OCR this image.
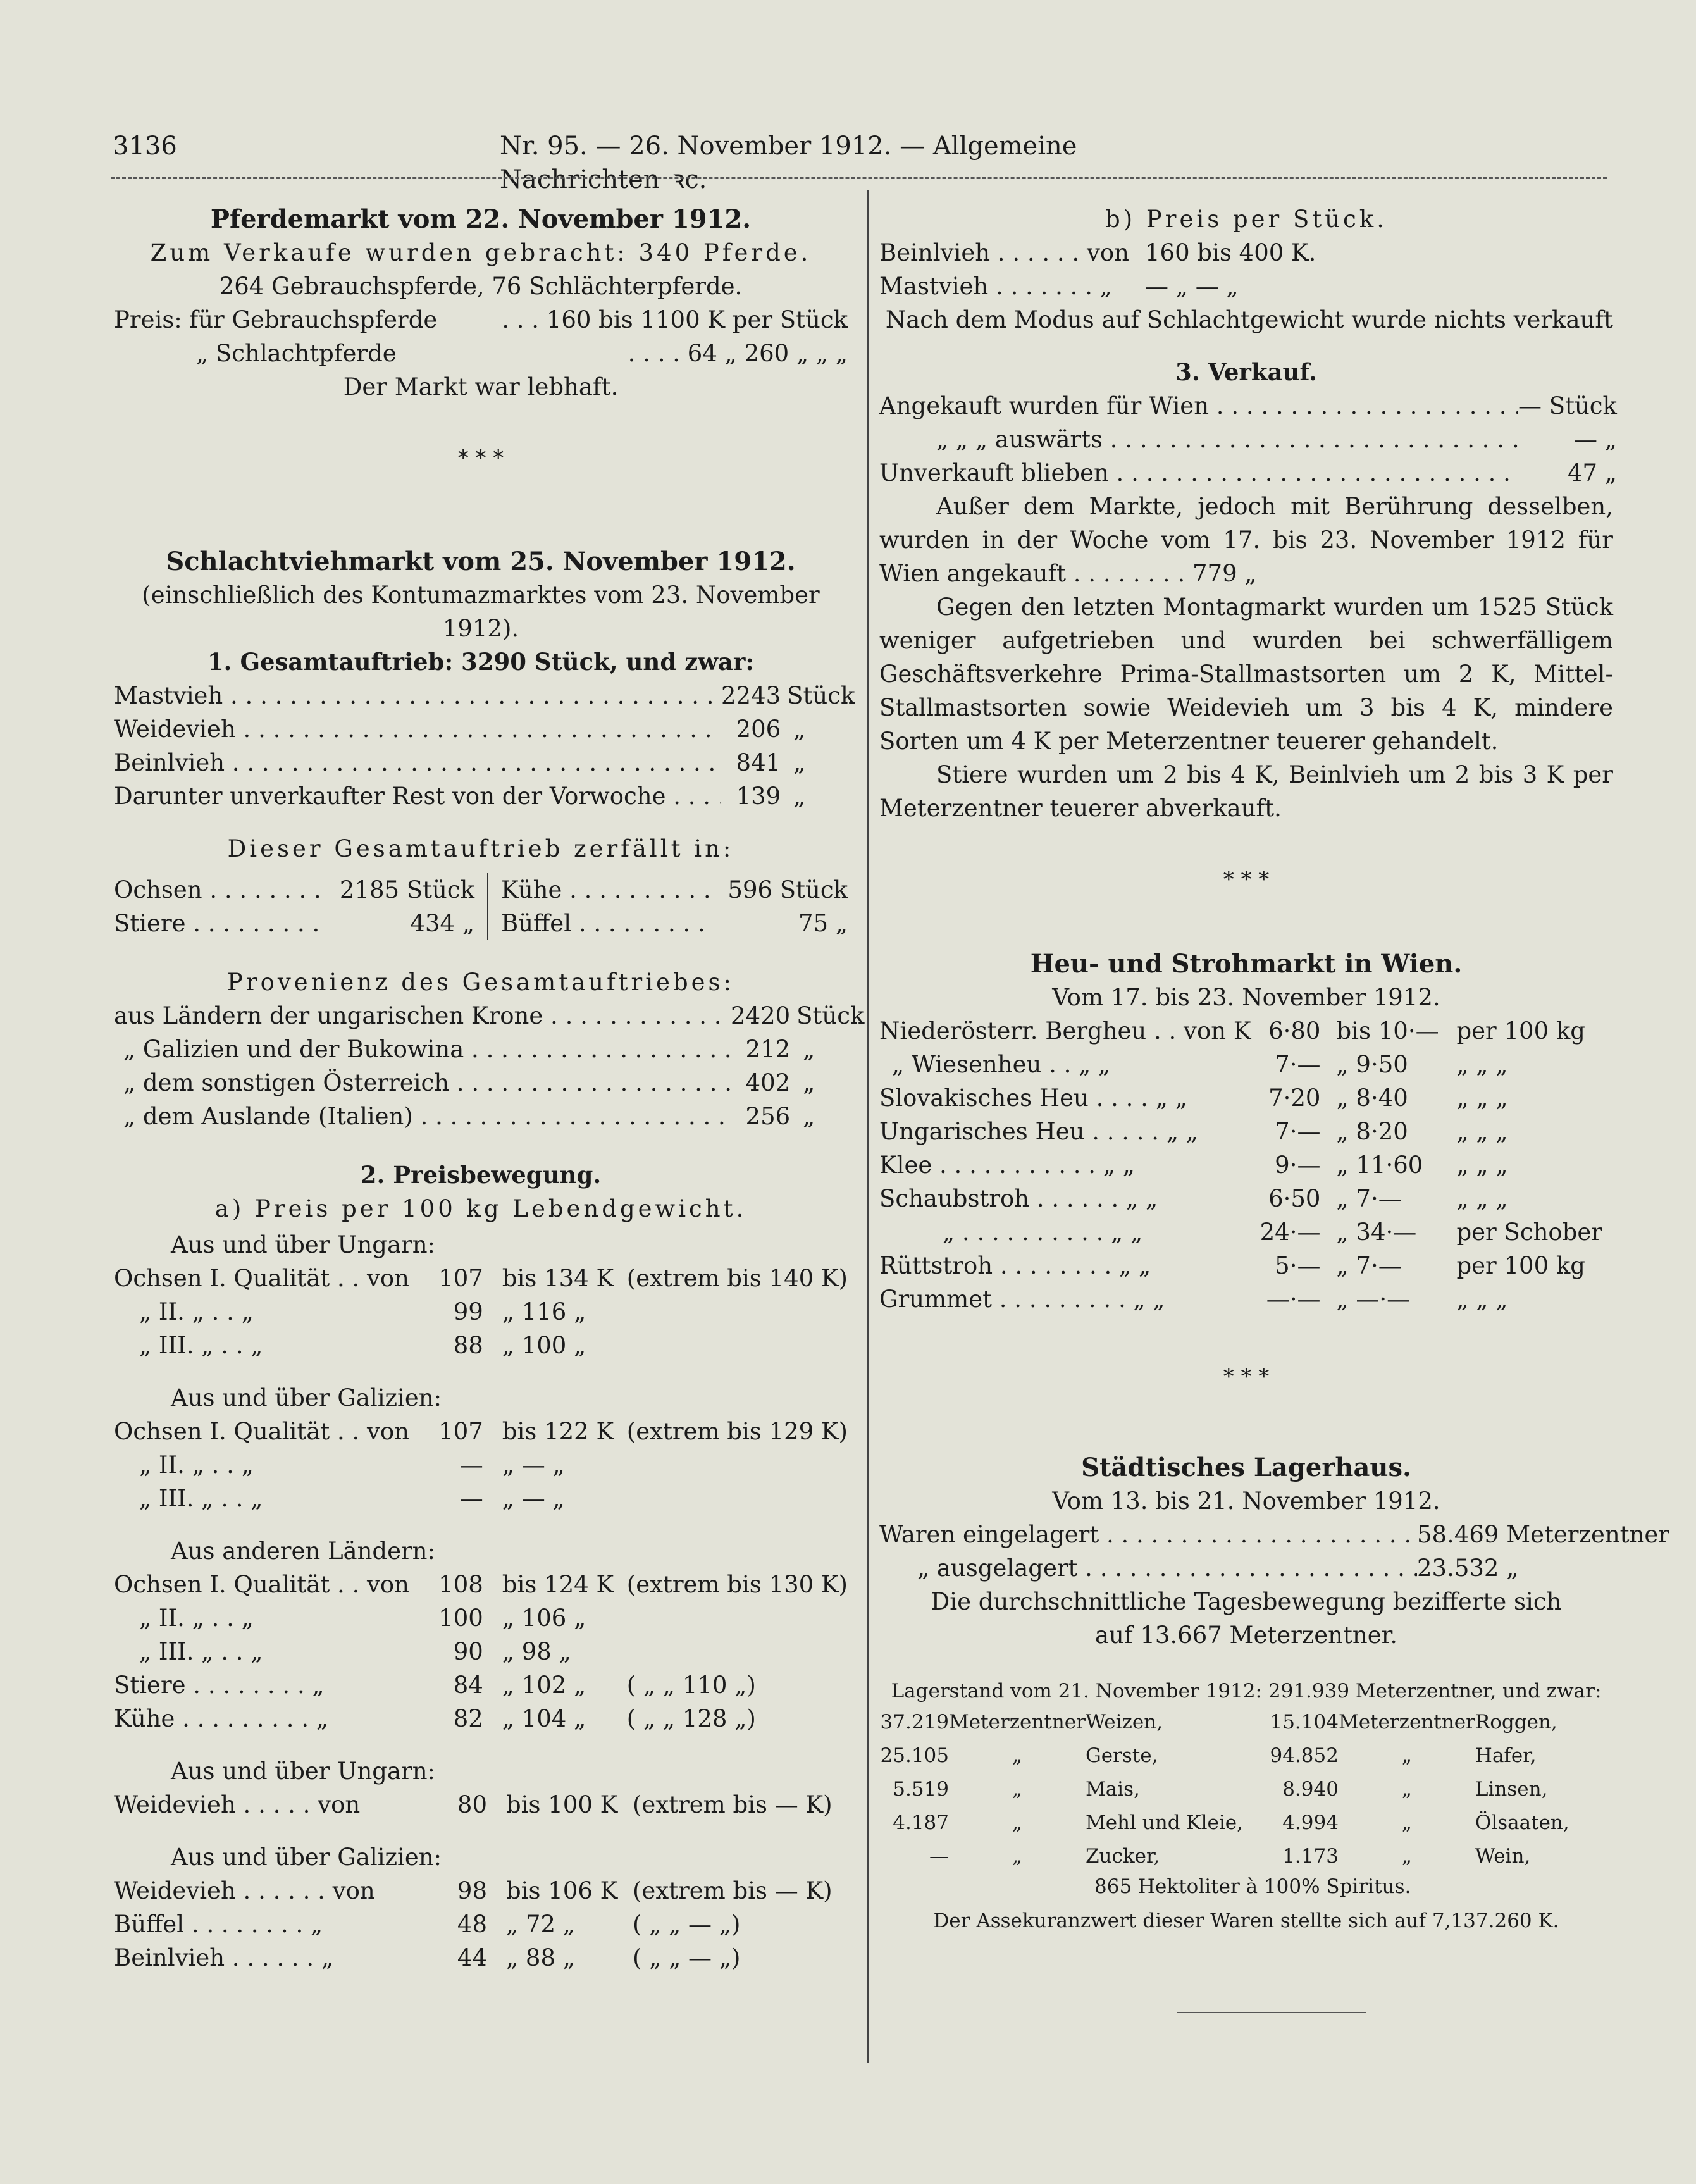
3136	Nr. 95. — 26. November 1912. — Allgemeine Nachrichten  ꝛc.
Pferdemarkt vom 22. November 1912.
Zum Verkaufe wurden gebracht: 340 Pferde.
264 Gebrauchspferde, 76 Schlächterpferde.
Preis: für Gebrauchspferde	. . . 160 bis 1100 K per Stück
„ Schlachtpferde	. . . . 64 „ 260 „ „ „
Der Markt war lebhaft.
* * *
Schlachtviehmarkt vom 25. November 1912.
(einschließlich des Kontumazmarktes vom 23. November 1912).
1. Gesamtauftrieb: 3290 Stück, und zwar:
Mastvieh . . .	2243	Stück
Weidevieh . . .	206	„
Beinlvieh . . .	841	„
Darunter unverkaufter Rest von der Vorwoche . . .	139	„
Dieser Gesamtauftrieb zerfällt in:
Ochsen . . .	2185 Stück	Kühe . . .	596 Stück
Stiere . . .	434 „	Büffel . . .	75 „
Provenienz des Gesamtauftriebes:
aus Ländern der ungarischen Krone . . .	2420	Stück
„ Galizien und der Bukowina . . .	212	„
„ dem sonstigen Österreich . . .	402	„
„ dem Auslande (Italien) . . .	256	„
2. Preisbewegung.
a) Preis per 100 kg Lebendgewicht.
Aus und über Ungarn:
Ochsen I. Qualität . . von	107	bis 134 K	(extrem bis 140 K)
„ II. „ . . „	99	„ 116 „	
„ III. „ . . „	88	„ 100 „	
Aus und über Galizien:
Ochsen I. Qualität . . von	107	bis 122 K	(extrem bis 129 K)
„ II. „ . . „	—	„ — „	
„ III. „ . . „	—	„ — „	
Aus anderen Ländern:
Ochsen I. Qualität . . von	108	bis 124 K	(extrem bis 130 K)
„ II. „ . . „	100	„ 106 „	
„ III. „ . . „	90	„ 98 „	
Stiere . . . . . . . . „	84	„ 102 „	( „ „ 110 „)
Kühe . . . . . . . . . „	82	„ 104 „	( „ „ 128 „)
Aus und über Ungarn:
Weidevieh . . . . . von	80	bis 100 K	(extrem bis — K)
Aus und über Galizien:
Weidevieh . . . . . . von	98	bis 106 K	(extrem bis — K)
Büffel . . . . . . . . „	48	„ 72 „	( „ „ — „)
Beinlvieh . . . . . . „	44	„ 88 „	( „ „ — „)
b) Preis per Stück.
Beinlvieh . . . . . . von	160 bis 400 K.
Mastvieh . . . . . . . „	— „ — „
Nach dem Modus auf Schlachtgewicht wurde nichts verkauft
3. Verkauf.
Angekauft wurden für Wien . . .	— Stück
„ „ „ auswärts . . .	— „
Unverkauft blieben . . .	47 „
Außer dem Markte, jedoch mit Berührung desselben, wurden in der Woche vom 17. bis 23. November 1912 für Wien angekauft . . . . . . . . 779 „
Gegen den letzten Montagmarkt wurden um 1525 Stück weniger aufgetrieben und wurden bei schwerfälligem Geschäftsverkehre Prima-Stallmastsorten um 2 K, Mittel-Stallmastsorten sowie Weidevieh um 3 bis 4 K, mindere Sorten um 4 K per Meterzentner teuerer gehandelt.
Stiere wurden um 2 bis 4 K, Beinlvieh um 2 bis 3 K per Meterzentner teuerer abverkauft.
* * *
Heu- und Strohmarkt in Wien.
Vom 17. bis 23. November 1912.
Niederösterr. Bergheu . . von K	6·80	bis 10·—	per 100 kg
„ Wiesenheu . . „ „	7·—	„ 9·50	„ „ „
Slovakisches Heu . . . . „ „	7·20	„ 8·40	„ „ „
Ungarisches Heu . . . . . „ „	7·—	„ 8·20	„ „ „
Klee . . . . . . . . . . . „ „	9·—	„ 11·60	„ „ „
Schaubstroh . . . . . . „ „	6·50	„ 7·—	„ „ „
„ . . . . . . . . . . „ „	24·—	„ 34·—	per Schober
Rüttstroh . . . . . . . . „ „	5·—	„ 7·—	per 100 kg
Grummet . . . . . . . . . „ „	—·—	„ —·—	„ „ „
* * *
Städtisches Lagerhaus.
Vom 13. bis 21. November 1912.
Waren eingelagert . . .	58.469 Meterzentner
„ ausgelagert . . .	23.532 „
Die durchschnittliche Tagesbewegung bezifferte sich auf 13.667 Meterzentner.
Lagerstand vom 21. November 1912: 291.939 Meterzentner, und zwar:
37.219	Meterzentner	Weizen,	15.104	Meterzentner	Roggen,
25.105	„	Gerste,	94.852	„	Hafer,
5.519	„	Mais,	8.940	„	Linsen,
4.187	„	Mehl und Kleie,	4.994	„	Ölsaaten,
—	„	Zucker,	1.173	„	Wein,
865 Hektoliter à 100% Spiritus.
Der Assekuranzwert dieser Waren stellte sich auf 7,137.260 K.
